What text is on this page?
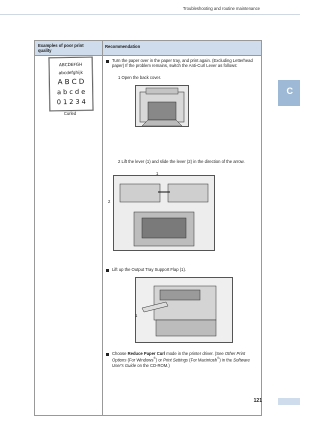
Troubleshooting and routine maintenance
C
Examples of poor print quality
Recommendation
ABCDEFGH
abcdefghijk
A B C D
a b c d e
0 1 2 3 4
Curled
Turn the paper over in the paper tray, and print again. (Excluding Letterhead paper) If the problem remains, switch the Anti-Curl Lever as follows:
1 Open the back cover.
2 Lift the lever (1) and slide the lever (2) in the direction of the arrow.
1
2
Lift up the Output Tray Support Flap (1).
1
Choose Reduce Paper Curl mode in the printer driver. (See Other Print Options (For Windows®) or Print Settings (For Macintosh®) in the Software User's Guide on the CD-ROM.)
121
